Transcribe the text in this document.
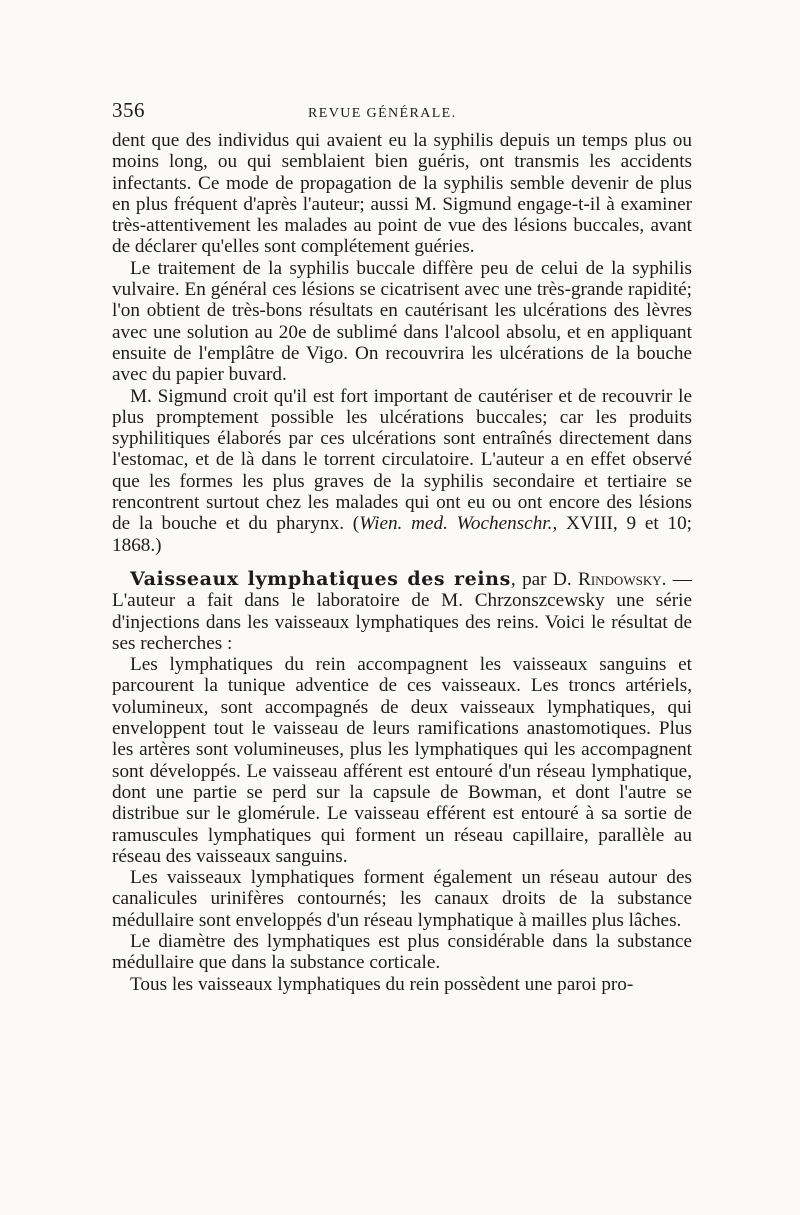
356	REVUE GÉNÉRALE.

dent que des individus qui avaient eu la syphilis depuis un temps plus ou moins long, ou qui semblaient bien guéris, ont transmis les accidents infectants. Ce mode de propagation de la syphilis semble devenir de plus en plus fréquent d'après l'auteur; aussi M. Sigmund engage-t-il à examiner très-attentivement les malades au point de vue des lésions buccales, avant de déclarer qu'elles sont complétement guéries.

Le traitement de la syphilis buccale diffère peu de celui de la syphilis vulvaire. En général ces lésions se cicatrisent avec une très-grande rapidité; l'on obtient de très-bons résultats en cautérisant les ulcérations des lèvres avec une solution au 20e de sublimé dans l'alcool absolu, et en appliquant ensuite de l'emplâtre de Vigo. On recouvrira les ulcérations de la bouche avec du papier buvard.

M. Sigmund croit qu'il est fort important de cautériser et de recouvrir le plus promptement possible les ulcérations buccales; car les produits syphilitiques élaborés par ces ulcérations sont entraînés directement dans l'estomac, et de là dans le torrent circulatoire. L'auteur a en effet observé que les formes les plus graves de la syphilis secondaire et tertiaire se rencontrent surtout chez les malades qui ont eu ou ont encore des lésions de la bouche et du pharynx. (Wien. med. Wochenschr., XVIII, 9 et 10; 1868.)

Vaisseaux lymphatiques des reins, par D. Rindowsky. — L'auteur a fait dans le laboratoire de M. Chrzonszcewsky une série d'injections dans les vaisseaux lymphatiques des reins. Voici le résultat de ses recherches :

Les lymphatiques du rein accompagnent les vaisseaux sanguins et parcourent la tunique adventice de ces vaisseaux. Les troncs artériels, volumineux, sont accompagnés de deux vaisseaux lymphatiques, qui enveloppent tout le vaisseau de leurs ramifications anastomotiques. Plus les artères sont volumineuses, plus les lymphatiques qui les accompagnent sont développés. Le vaisseau afférent est entouré d'un réseau lymphatique, dont une partie se perd sur la capsule de Bowman, et dont l'autre se distribue sur le glomérule. Le vaisseau efférent est entouré à sa sortie de ramuscules lymphatiques qui forment un réseau capillaire, parallèle au réseau des vaisseaux sanguins.

Les vaisseaux lymphatiques forment également un réseau autour des canalicules urinifères contournés; les canaux droits de la substance médullaire sont enveloppés d'un réseau lymphatique à mailles plus lâches.

Le diamètre des lymphatiques est plus considérable dans la substance médullaire que dans la substance corticale.

Tous les vaisseaux lymphatiques du rein possèdent une paroi pro-
